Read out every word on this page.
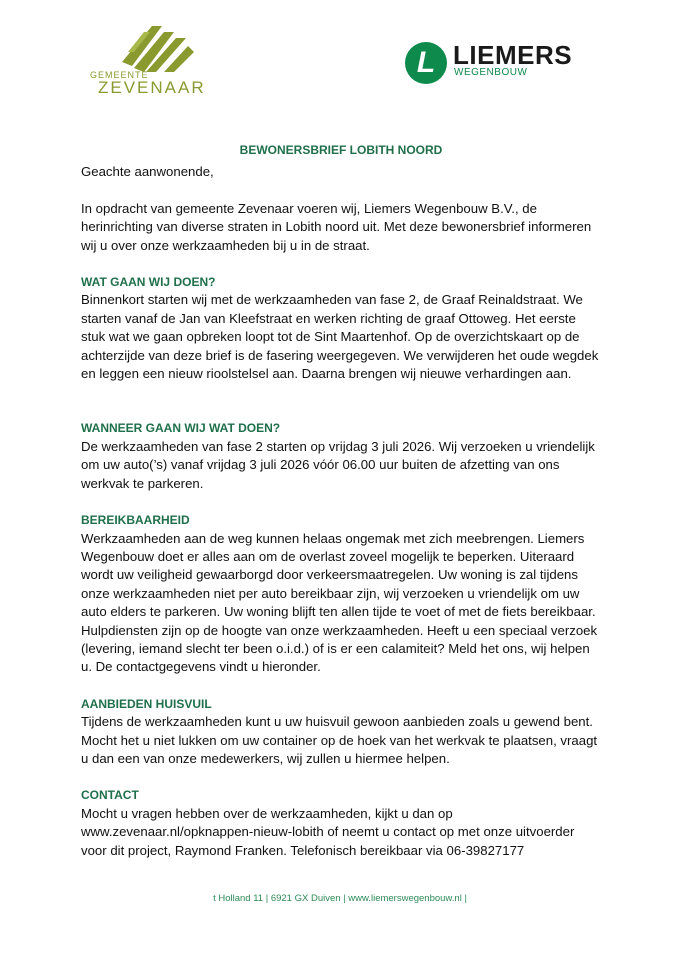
GEMEENTE
ZEVENAAR
L LIEMERS
WEGENBOUW
BEWONERSBRIEF LOBITH NOORD

Geachte aanwonende,

In opdracht van gemeente Zevenaar voeren wij, Liemers Wegenbouw B.V., de herinrichting van diverse straten in Lobith noord uit. Met deze bewonersbrief informeren wij u over onze werkzaamheden bij u in de straat.

WAT GAAN WIJ DOEN?

Binnenkort starten wij met de werkzaamheden van fase 2, de Graaf Reinaldstraat. We starten vanaf de Jan van Kleefstraat en werken richting de graaf Ottoweg. Het eerste stuk wat we gaan opbreken loopt tot de Sint Maartenhof. Op de overzichtskaart op de achterzijde van deze brief is de fasering weergegeven. We verwijderen het oude wegdek en leggen een nieuw rioolstelsel aan. Daarna brengen wij nieuwe verhardingen aan.

WANNEER GAAN WIJ WAT DOEN?

De werkzaamheden van fase 2 starten op vrijdag 3 juli 2026. Wij verzoeken u vriendelijk om uw auto(’s) vanaf vrijdag 3 juli 2026 vóór 06.00 uur buiten de afzetting van ons werkvak te parkeren.

BEREIKBAARHEID

Werkzaamheden aan de weg kunnen helaas ongemak met zich meebrengen. Liemers Wegenbouw doet er alles aan om de overlast zoveel mogelijk te beperken. Uiteraard wordt uw veiligheid gewaarborgd door verkeersmaatregelen. Uw woning is zal tijdens onze werkzaamheden niet per auto bereikbaar zijn, wij verzoeken u vriendelijk om uw auto elders te parkeren. Uw woning blijft ten allen tijde te voet of met de fiets bereikbaar. Hulpdiensten zijn op de hoogte van onze werkzaamheden. Heeft u een speciaal verzoek (levering, iemand slecht ter been o.i.d.) of is er een calamiteit? Meld het ons, wij helpen u. De contactgegevens vindt u hieronder.

AANBIEDEN HUISVUIL

Tijdens de werkzaamheden kunt u uw huisvuil gewoon aanbieden zoals u gewend bent. Mocht het u niet lukken om uw container op de hoek van het werkvak te plaatsen, vraagt u dan een van onze medewerkers, wij zullen u hiermee helpen.

CONTACT

Mocht u vragen hebben over de werkzaamheden, kijkt u dan op www.zevenaar.nl/opknappen-nieuw-lobith of neemt u contact op met onze uitvoerder voor dit project, Raymond Franken. Telefonisch bereikbaar via 06-39827177

t Holland 11 | 6921 GX Duiven | www.liemerswegenbouw.nl |
